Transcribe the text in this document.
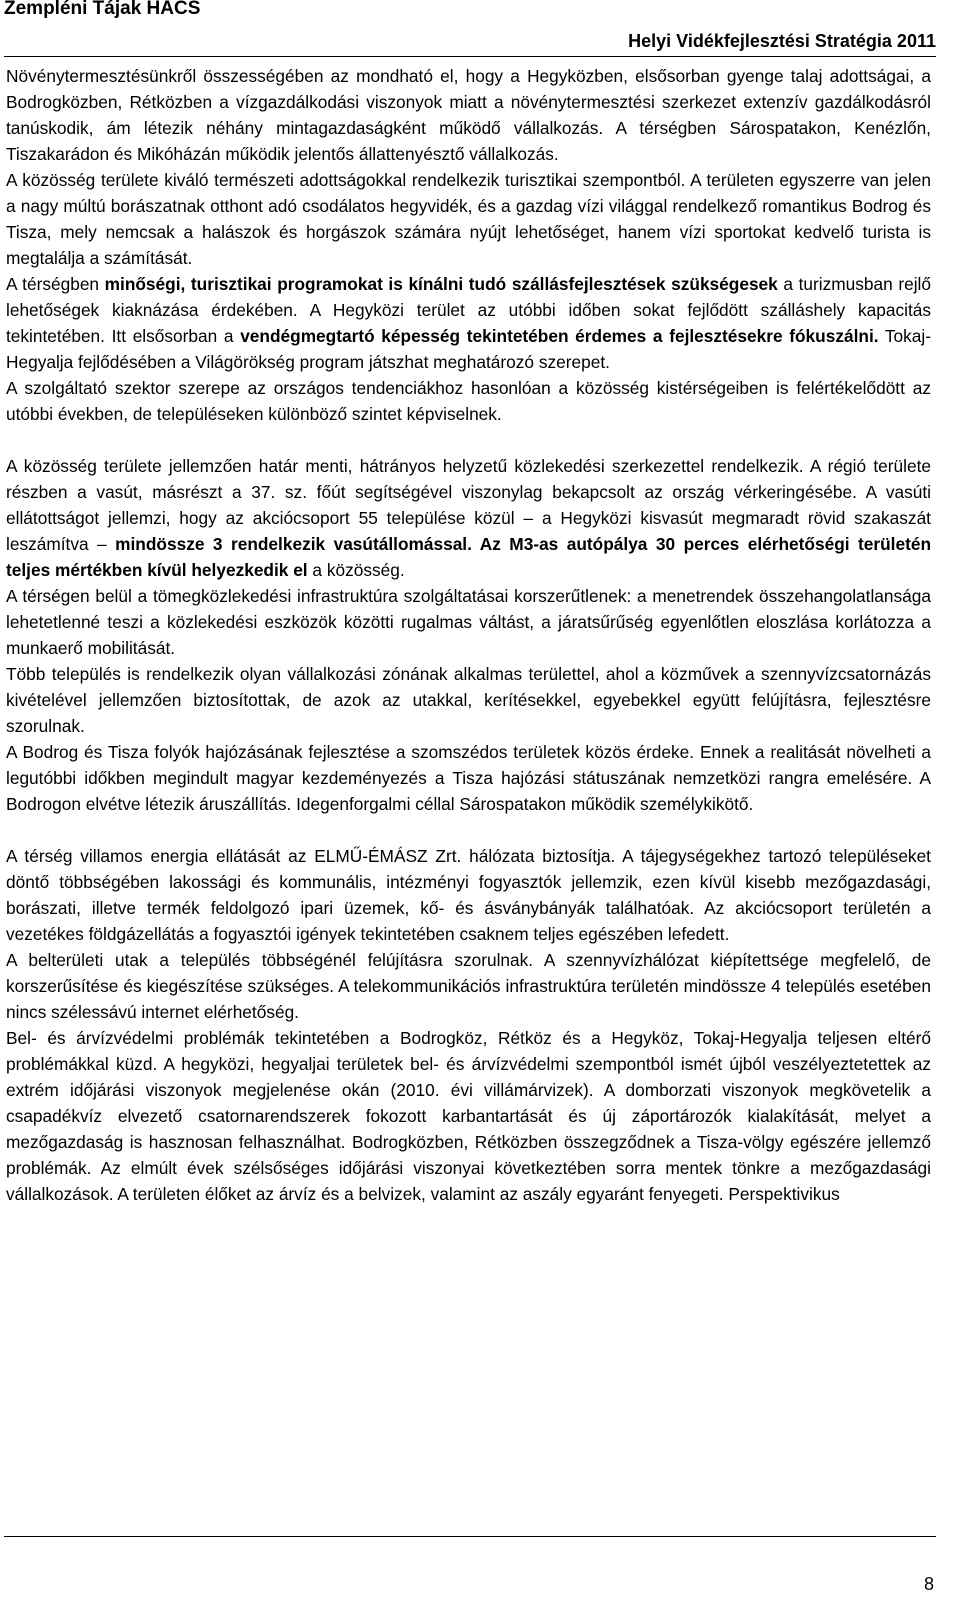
Zempléni Tájak HACS
Helyi Vidékfejlesztési Stratégia 2011

Növénytermesztésünkről összességében az mondható el, hogy a Hegyközben, elsősorban gyenge talaj adottságai, a Bodrogközben, Rétközben a vízgazdálkodási viszonyok miatt a növénytermesztési szerkezet extenzív gazdálkodásról tanúskodik, ám létezik néhány mintagazdaságként működő vállalkozás. A térségben Sárospatakon, Kenézlőn, Tiszakarádon és Mikóházán működik jelentős állattenyésztő vállalkozás.

A közösség területe kiváló természeti adottságokkal rendelkezik turisztikai szempontból. A területen egyszerre van jelen a nagy múltú borászatnak otthont adó csodálatos hegyvidék, és a gazdag vízi világgal rendelkező romantikus Bodrog és Tisza, mely nemcsak a halászok és horgászok számára nyújt lehetőséget, hanem vízi sportokat kedvelő turista is megtalálja a számítását.

A térségben minőségi, turisztikai programokat is kínálni tudó szállásfejlesztések szükségesek a turizmusban rejlő lehetőségek kiaknázása érdekében. A Hegyközi terület az utóbbi időben sokat fejlődött szálláshely kapacitás tekintetében. Itt elsősorban a vendégmegtartó képesség tekintetében érdemes a fejlesztésekre fókuszálni. Tokaj-Hegyalja fejlődésében a Világörökség program játszhat meghatározó szerepet.

A szolgáltató szektor szerepe az országos tendenciákhoz hasonlóan a közösség kistérségeiben is felértékelődött az utóbbi években, de településeken különböző szintet képviselnek.

A közösség területe jellemzően határ menti, hátrányos helyzetű közlekedési szerkezettel rendelkezik. A régió területe részben a vasút, másrészt a 37. sz. főút segítségével viszonylag bekapcsolt az ország vérkeringésébe. A vasúti ellátottságot jellemzi, hogy az akciócsoport 55 települése közül – a Hegyközi kisvasút megmaradt rövid szakaszát leszámítva – mindössze 3 rendelkezik vasútállomással. Az M3-as autópálya 30 perces elérhetőségi területén teljes mértékben kívül helyezkedik el a közösség.

A térségen belül a tömegközlekedési infrastruktúra szolgáltatásai korszerűtlenek: a menetrendek összehangolatlansága lehetetlenné teszi a közlekedési eszközök közötti rugalmas váltást, a járatsűrűség egyenlőtlen eloszlása korlátozza a munkaerő mobilitását.

Több település is rendelkezik olyan vállalkozási zónának alkalmas területtel, ahol a közművek a szennyvízcsatornázás kivételével jellemzően biztosítottak, de azok az utakkal, kerítésekkel, egyebekkel együtt felújításra, fejlesztésre szorulnak.

A Bodrog és Tisza folyók hajózásának fejlesztése a szomszédos területek közös érdeke. Ennek a realitását növelheti a legutóbbi időkben megindult magyar kezdeményezés a Tisza hajózási státuszának nemzetközi rangra emelésére. A Bodrogon elvétve létezik áruszállítás. Idegenforgalmi céllal Sárospatakon működik személykikötő.

A térség villamos energia ellátását az ELMŰ-ÉMÁSZ Zrt. hálózata biztosítja. A tájegységekhez tartozó településeket döntő többségében lakossági és kommunális, intézményi fogyasztók jellemzik, ezen kívül kisebb mezőgazdasági, borászati, illetve termék feldolgozó ipari üzemek, kő- és ásványbányák találhatóak. Az akciócsoport területén a vezetékes földgázellátás a fogyasztói igények tekintetében csaknem teljes egészében lefedett.

A belterületi utak a település többségénél felújításra szorulnak. A szennyvízhálózat kiépítettsége megfelelő, de korszerűsítése és kiegészítése szükséges. A telekommunikációs infrastruktúra területén mindössze 4 település esetében nincs szélessávú internet elérhetőség.

Bel- és árvízvédelmi problémák tekintetében a Bodrogköz, Rétköz és a Hegyköz, Tokaj-Hegyalja teljesen eltérő problémákkal küzd. A hegyközi, hegyaljai területek bel- és árvízvédelmi szempontból ismét újból veszélyeztetettek az extrém időjárási viszonyok megjelenése okán (2010. évi villámárvizek). A domborzati viszonyok megkövetelik a csapadékvíz elvezető csatornarendszerek fokozott karbantartását és új záportározók kialakítását, melyet a mezőgazdaság is hasznosan felhasználhat. Bodrogközben, Rétközben összegződnek a Tisza-völgy egészére jellemző problémák. Az elmúlt évek szélsőséges időjárási viszonyai következtében sorra mentek tönkre a mezőgazdasági vállalkozások. A területen élőket az árvíz és a belvizek, valamint az aszály egyaránt fenyegeti. Perspektivikus

8
